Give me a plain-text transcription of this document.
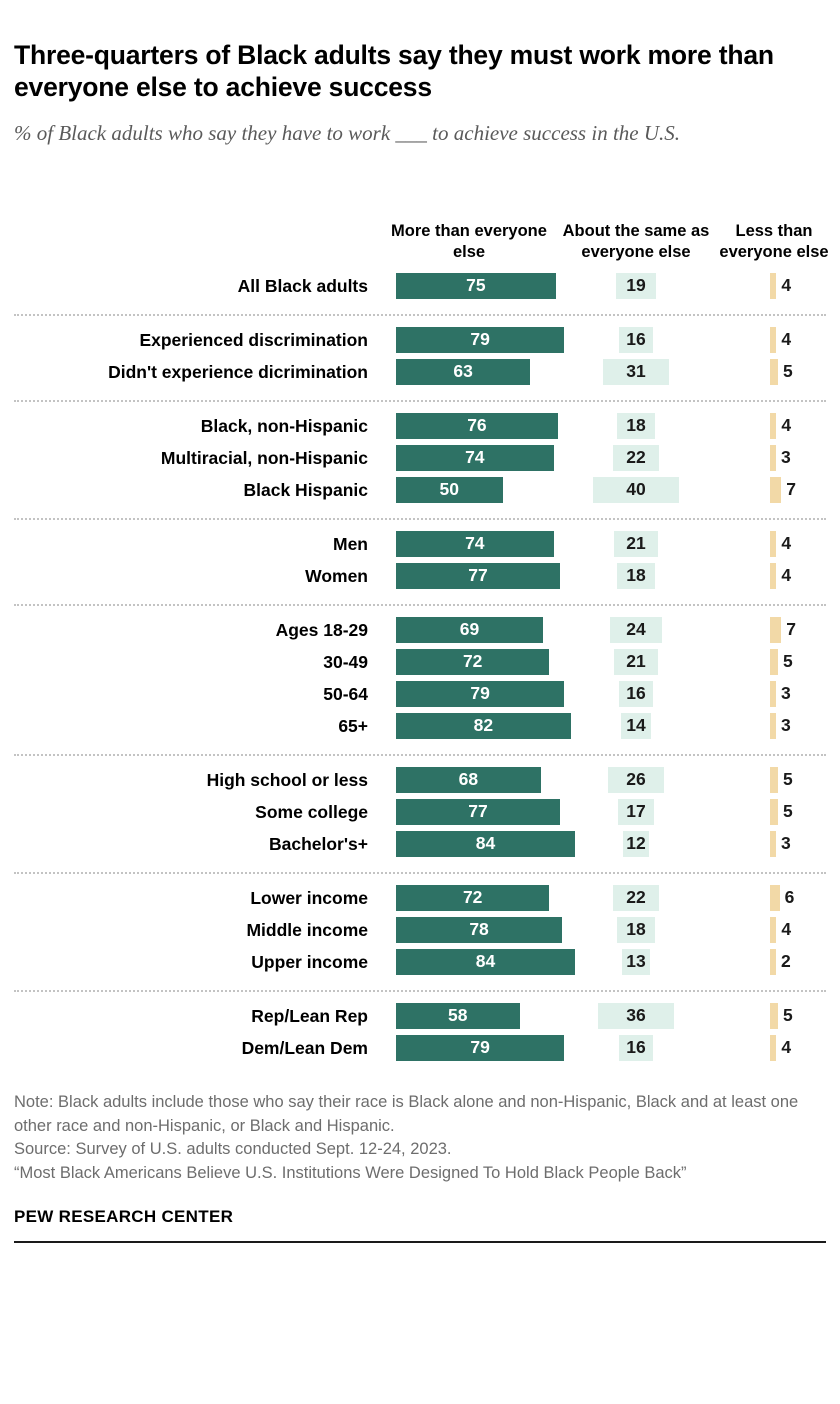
Three-quarters of Black adults say they must work more than everyone else to achieve success

% of Black adults who say they have to work ___ to achieve success in the U.S.

More than everyone else
About the same as everyone else
Less than everyone else
All Black adults	75	19	4
Experienced discrimination	79	16	4
Didn't experience dicrimination	63	31	5
Black, non-Hispanic	76	18	4
Multiracial, non-Hispanic	74	22	3
Black Hispanic	50	40	7
Men	74	21	4
Women	77	18	4
Ages 18-29	69	24	7
30-49	72	21	5
50-64	79	16	3
65+	82	14	3
High school or less	68	26	5
Some college	77	17	5
Bachelor's+	84	12	3
Lower income	72	22	6
Middle income	78	18	4
Upper income	84	13	2
Rep/Lean Rep	58	36	5
Dem/Lean Dem	79	16	4
Note: Black adults include those who say their race is Black alone and non-Hispanic, Black and at least one other race and non-Hispanic, or Black and Hispanic.
Source: Survey of U.S. adults conducted Sept. 12-24, 2023.
“Most Black Americans Believe U.S. Institutions Were Designed To Hold Black People Back”
PEW RESEARCH CENTER
